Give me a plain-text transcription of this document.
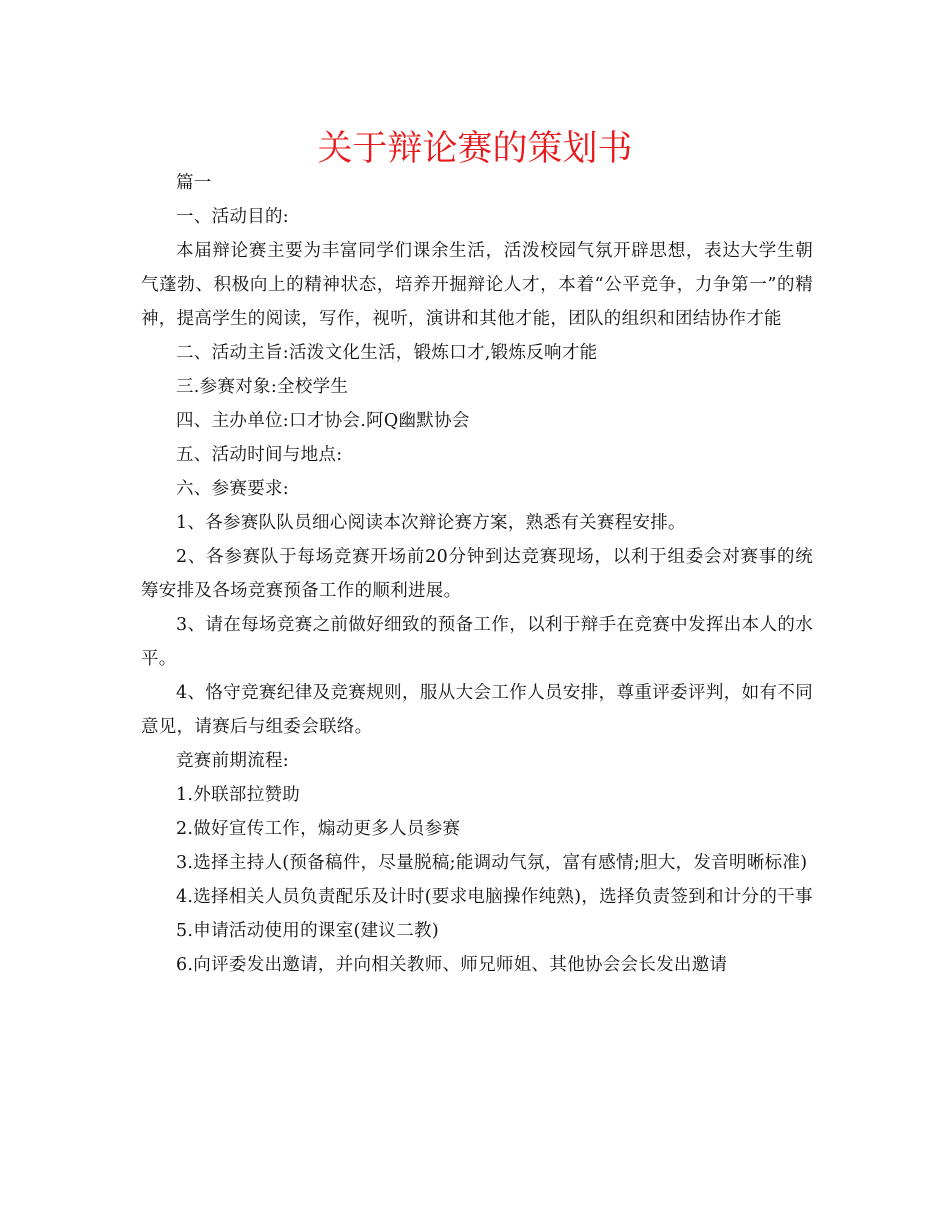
关于辩论赛的策划书

篇一

一、活动目的:

本届辩论赛主要为丰富同学们课余生活，活泼校园气氛开辟思想，表达大学生朝气蓬勃、积极向上的精神状态，培养开掘辩论人才，本着“公平竞争，力争第一”的精神，提高学生的阅读，写作，视听，演讲和其他才能，团队的组织和团结协作才能

二、活动主旨:活泼文化生活，锻炼口才,锻炼反响才能

三.参赛对象:全校学生

四、主办单位:口才协会.阿Q幽默协会

五、活动时间与地点:

六、参赛要求:

1、各参赛队队员细心阅读本次辩论赛方案，熟悉有关赛程安排。

2、各参赛队于每场竞赛开场前20分钟到达竞赛现场，以利于组委会对赛事的统筹安排及各场竞赛预备工作的顺利进展。

3、请在每场竞赛之前做好细致的预备工作，以利于辩手在竞赛中发挥出本人的水平。

4、恪守竞赛纪律及竞赛规则，服从大会工作人员安排，尊重评委评判，如有不同意见，请赛后与组委会联络。

竞赛前期流程:

1.外联部拉赞助

2.做好宣传工作，煽动更多人员参赛

3.选择主持人(预备稿件，尽量脱稿;能调动气氛，富有感情;胆大，发音明晰标准)

4.选择相关人员负责配乐及计时(要求电脑操作纯熟)，选择负责签到和计分的干事

5.申请活动使用的课室(建议二教)

6.向评委发出邀请，并向相关教师、师兄师姐、其他协会会长发出邀请
